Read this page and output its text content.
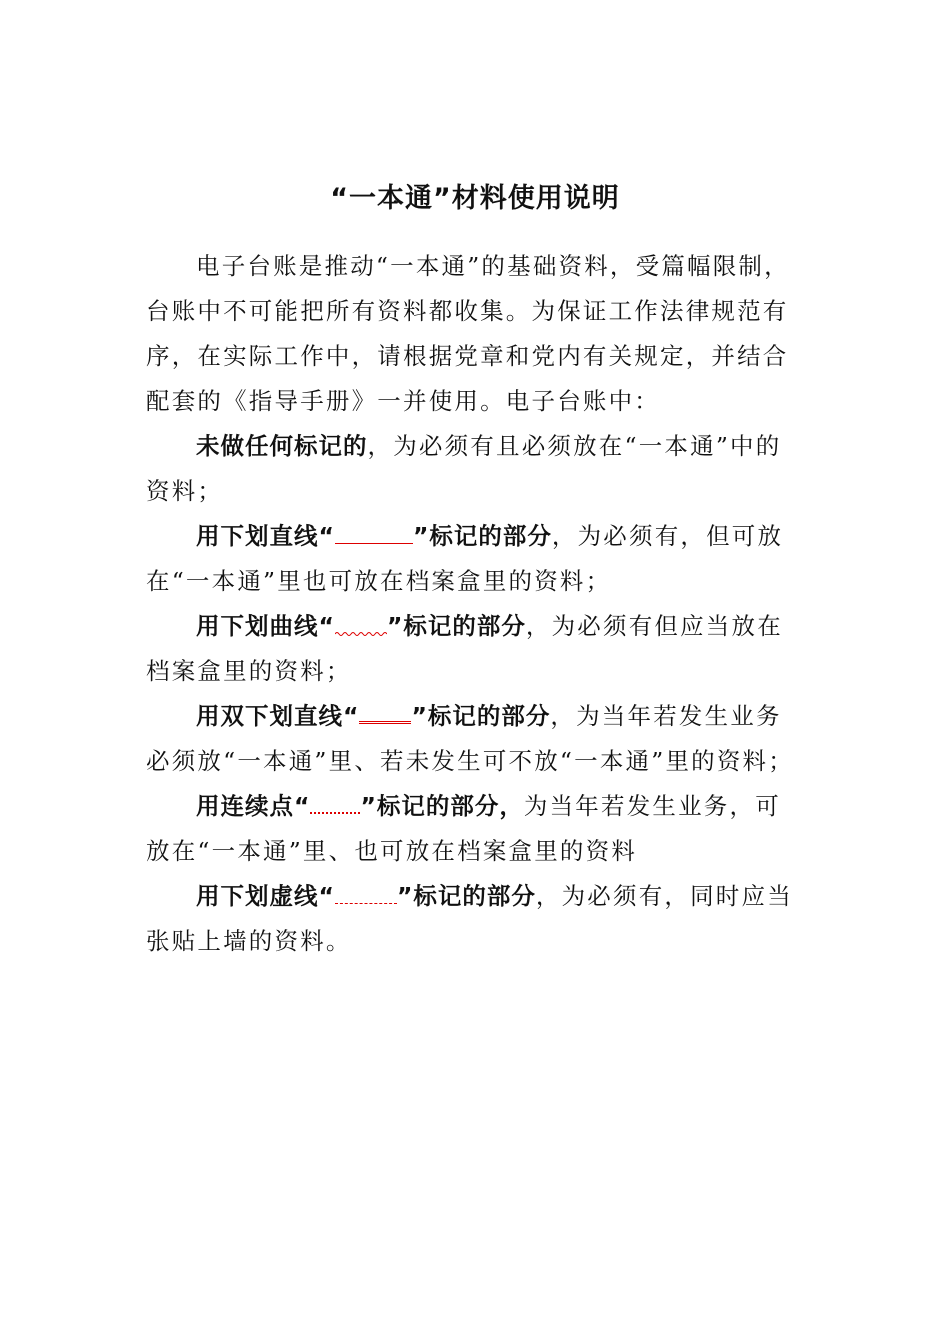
“一本通”材料使用说明

电子台账是推动“一本通”的基础资料，受篇幅限制，台账中不可能把所有资料都收集。为保证工作法律规范有序，在实际工作中，请根据党章和党内有关规定，并结合配套的《指导手册》一并使用。电子台账中：

未做任何标记的，为必须有且必须放在“一本通”中的资料；

用下划直线“	”标记的部分，为必须有，但可放在“一本通”里也可放在档案盒里的资料；

用下划曲线“ ”标记的部分，为必须有但应当放在档案盒里的资料；

用双下划直线“ ”标记的部分，为当年若发生业务必须放“一本通”里、若未发生可不放“一本通”里的资料；

用连续点“ ”标记的部分，为当年若发生业务，可放在“一本通”里、也可放在档案盒里的资料

用下划虚线“	”标记的部分，为必须有，同时应当张贴上墙的资料。
